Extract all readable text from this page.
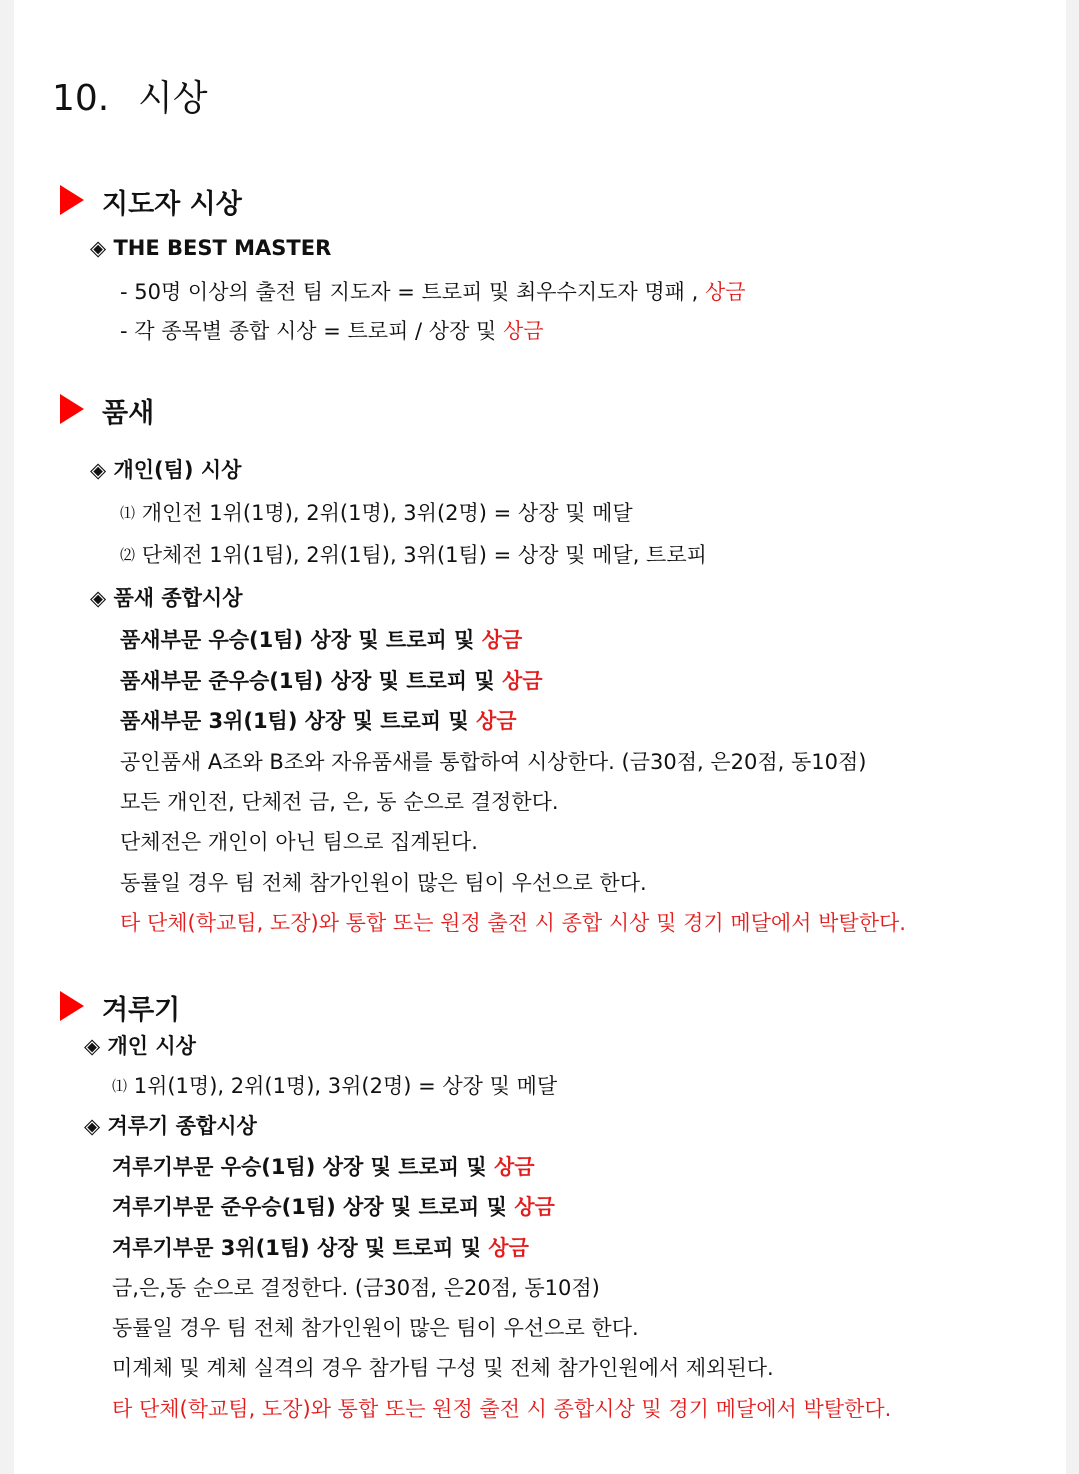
10. 시상
지도자 시상
◈ THE BEST MASTER
- 50명 이상의 출전 팀 지도자 = 트로피 및 최우수지도자 명패 , 상금
- 각 종목별 종합 시상 = 트로피 / 상장 및 상금
품새
◈ 개인(팀) 시상
⑴ 개인전 1위(1명), 2위(1명), 3위(2명) = 상장 및 메달
⑵ 단체전 1위(1팀), 2위(1팀), 3위(1팀) = 상장 및 메달, 트로피
◈ 품새 종합시상
품새부문 우승(1팀) 상장 및 트로피 및 상금
품새부문 준우승(1팀) 상장 및 트로피 및 상금
품새부문 3위(1팀) 상장 및 트로피 및 상금
공인품새 A조와 B조와 자유품새를 통합하여 시상한다. (금30점, 은20점, 동10점)
모든 개인전, 단체전 금, 은, 동 순으로 결정한다.
단체전은 개인이 아닌 팀으로 집계된다.
동률일 경우 팀 전체 참가인원이 많은 팀이 우선으로 한다.
타 단체(학교팀, 도장)와 통합 또는 원정 출전 시 종합 시상 및 경기 메달에서 박탈한다.
겨루기
◈ 개인 시상
⑴ 1위(1명), 2위(1명), 3위(2명) = 상장 및 메달
◈ 겨루기 종합시상
겨루기부문 우승(1팀) 상장 및 트로피 및 상금
겨루기부문 준우승(1팀) 상장 및 트로피 및 상금
겨루기부문 3위(1팀) 상장 및 트로피 및 상금
금,은,동 순으로 결정한다. (금30점, 은20점, 동10점)
동률일 경우 팀 전체 참가인원이 많은 팀이 우선으로 한다.
미계체 및 계체 실격의 경우 참가팀 구성 및 전체 참가인원에서 제외된다.
타 단체(학교팀, 도장)와 통합 또는 원정 출전 시 종합시상 및 경기 메달에서 박탈한다.
